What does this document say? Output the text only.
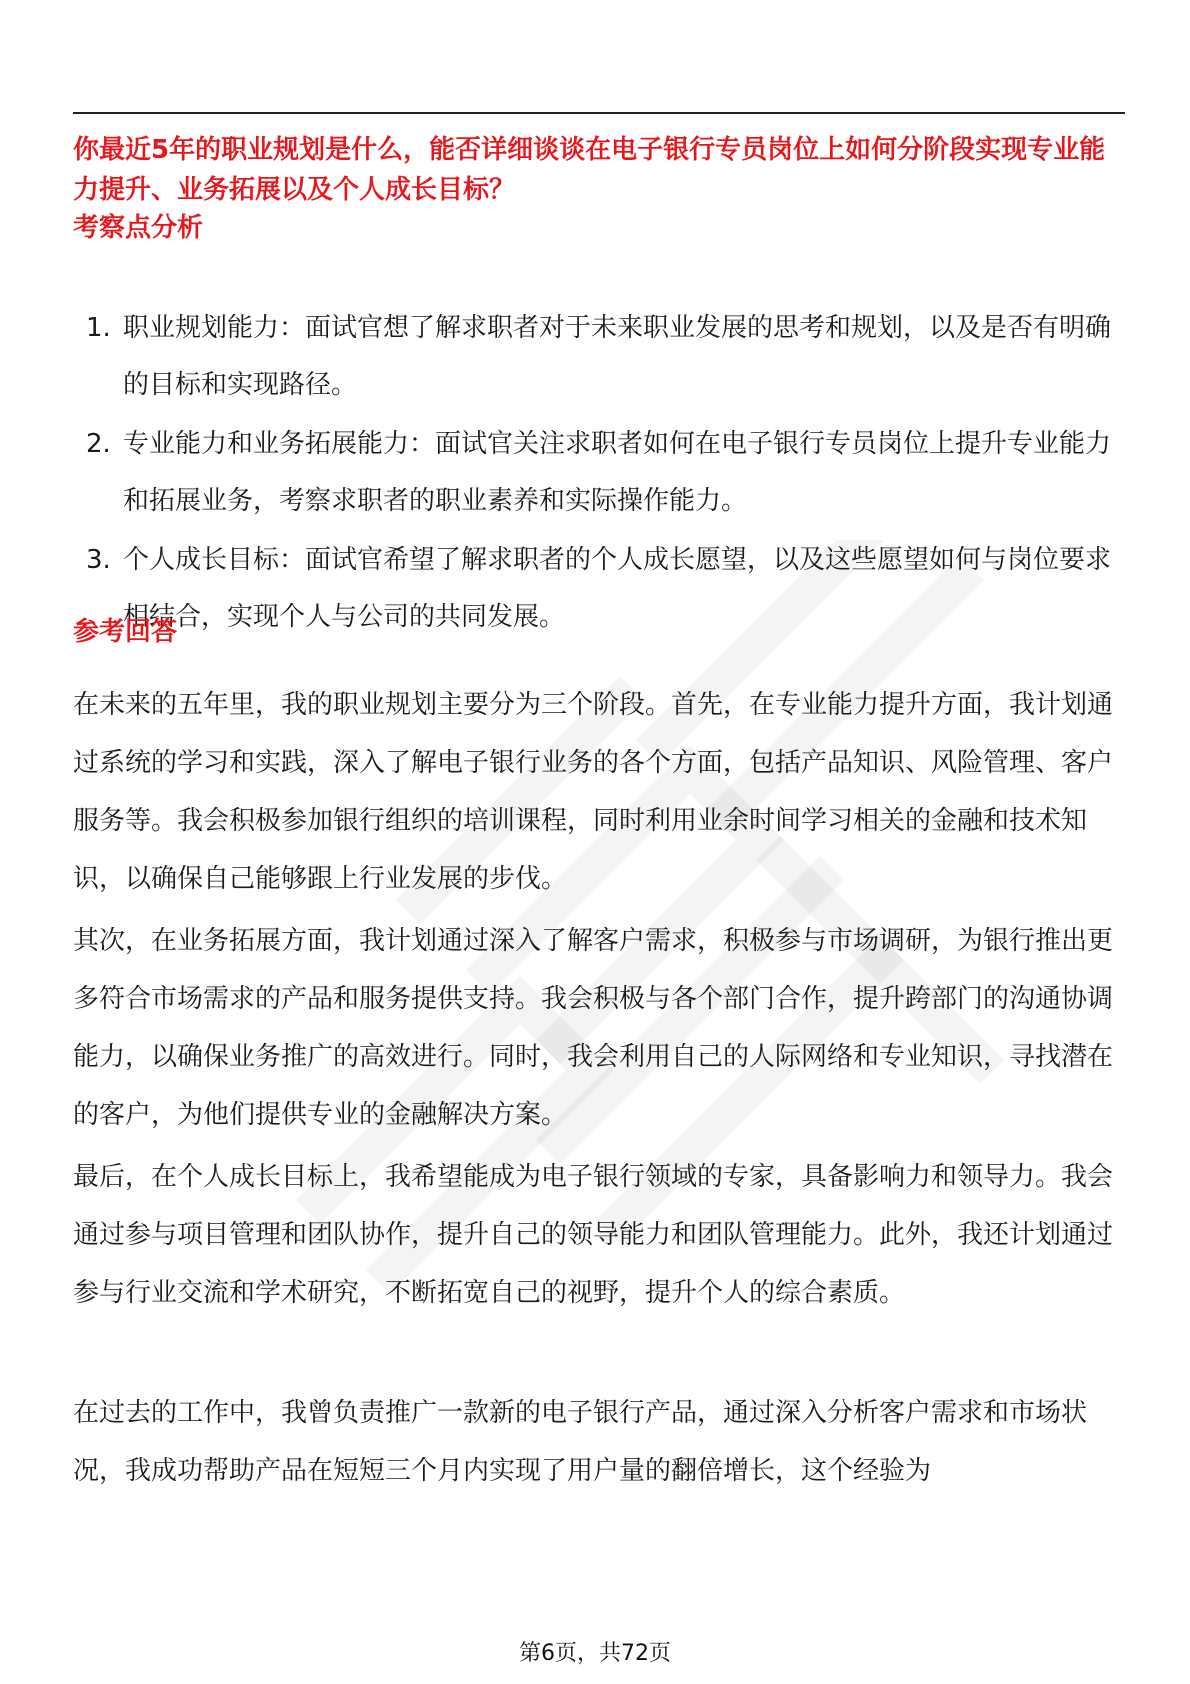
你最近5年的职业规划是什么，能否详细谈谈在电子银行专员岗位上如何分阶段实现专业能力提升、业务拓展以及个人成长目标？
考察点分析
1. 职业规划能力：面试官想了解求职者对于未来职业发展的思考和规划，以及是否有明确的目标和实现路径。
2. 专业能力和业务拓展能力：面试官关注求职者如何在电子银行专员岗位上提升专业能力和拓展业务，考察求职者的职业素养和实际操作能力。
3. 个人成长目标：面试官希望了解求职者的个人成长愿望，以及这些愿望如何与岗位要求相结合，实现个人与公司的共同发展。
参考回答

在未来的五年里，我的职业规划主要分为三个阶段。首先，在专业能力提升方面，我计划通过系统的学习和实践，深入了解电子银行业务的各个方面，包括产品知识、风险管理、客户服务等。我会积极参加银行组织的培训课程，同时利用业余时间学习相关的金融和技术知识，以确保自己能够跟上行业发展的步伐。

其次，在业务拓展方面，我计划通过深入了解客户需求，积极参与市场调研，为银行推出更多符合市场需求的产品和服务提供支持。我会积极与各个部门合作，提升跨部门的沟通协调能力，以确保业务推广的高效进行。同时，我会利用自己的人际网络和专业知识，寻找潜在的客户，为他们提供专业的金融解决方案。

最后，在个人成长目标上，我希望能成为电子银行领域的专家，具备影响力和领导力。我会通过参与项目管理和团队协作，提升自己的领导能力和团队管理能力。此外，我还计划通过参与行业交流和学术研究，不断拓宽自己的视野，提升个人的综合素质。

在过去的工作中，我曾负责推广一款新的电子银行产品，通过深入分析客户需求和市场状况，我成功帮助产品在短短三个月内实现了用户量的翻倍增长，这个经验为

第6页，共72页
